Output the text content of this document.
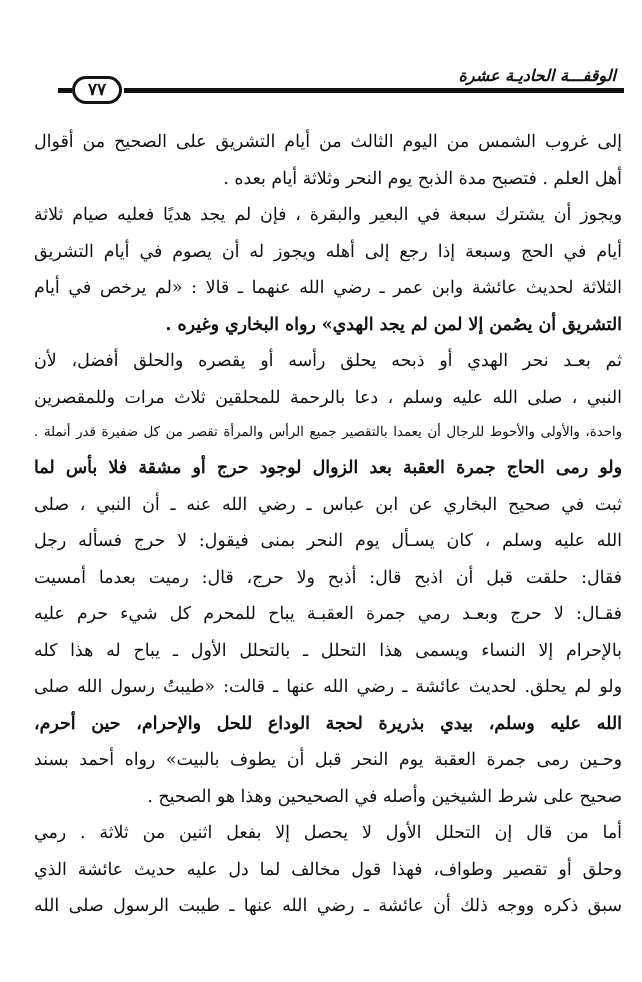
الوقفـــة الحاديـة عشرة
٧٧
إلى غروب الشمس من اليوم الثالث من أيام التشريق على الصحيح من أقوال
أهل العلم . فتصبح مدة الذبح يوم النحر وثلاثة أيام بعده .
ويجوز أن يشترك سبعة في البعير والبقرة ، فإن لم يجد هديًا فعليه صيام ثلاثة
أيام في الحج وسبعة إذا رجع إلى أهله ويجوز له أن يصوم في أيام التشريق
الثلاثة لحديث عائشة وابن عمر ـ رضي الله عنهما ـ قالا : «لم يرخص في أيام
التشريق أن يصُمن إلا لمن لم يجد الهدي» رواه البخاري وغيره .
ثم بعـد نحر الهدي أو ذبحه يحلق رأسه أو يقصره والحلق أفضل، لأن
النبي ، صلى الله عليه وسلم ، دعا بالرحمة للمحلقين ثلاث مرات وللمقصرين
واحدة، والأولى والأحوط للرجال أن يعمدا بالتقصير جميع الرأس والمرأة تقصر من كل ضفيرة قدر أنملة .
ولو رمى الحاج جمرة العقبة بعد الزوال لوجود حرج أو مشقة فلا بأس لما
ثبت في صحيح البخاري عن ابن عباس ـ رضي الله عنه ـ أن النبي ، صلى
الله عليه وسلم ، كان يسـأل يوم النحر بمنى فيقول: لا حرج فسأله رجل
فقال: حلقت قبل أن اذبح قال: أذبح ولا حرج، قال: رميت بعدما أمسيت
فقـال: لا حرج وبعـد رمي جمرة العقبـة يباح للمحرم كل شيء حرم عليه
بالإحرام إلا النساء ويسمى هذا التحلل ـ بالتحلل الأول ـ يباح له هذا كله
ولو لم يحلق. لحديث عائشة ـ رضي الله عنها ـ قالت: «طيبتُ رسول الله صلى
الله عليه وسلم، بيدي بذريرة لحجة الوداع للحل والإحرام، حين أحرم،
وحـين رمى جمرة العقبة يوم النحر قبل أن يطوف بالبيت» رواه أحمد بسند
صحيح على شرط الشيخين وأصله في الصحيحين وهذا هو الصحيح .
أما من قال إن التحلل الأول لا يحصل إلا بفعل اثنين من ثلاثة . رمي
وحلق أو تقصير وطواف، فهذا قول مخالف لما دل عليه حديث عائشة الذي
سبق ذكره ووجه ذلك أن عائشة ـ رضي الله عنها ـ طيبت الرسول صلى الله
